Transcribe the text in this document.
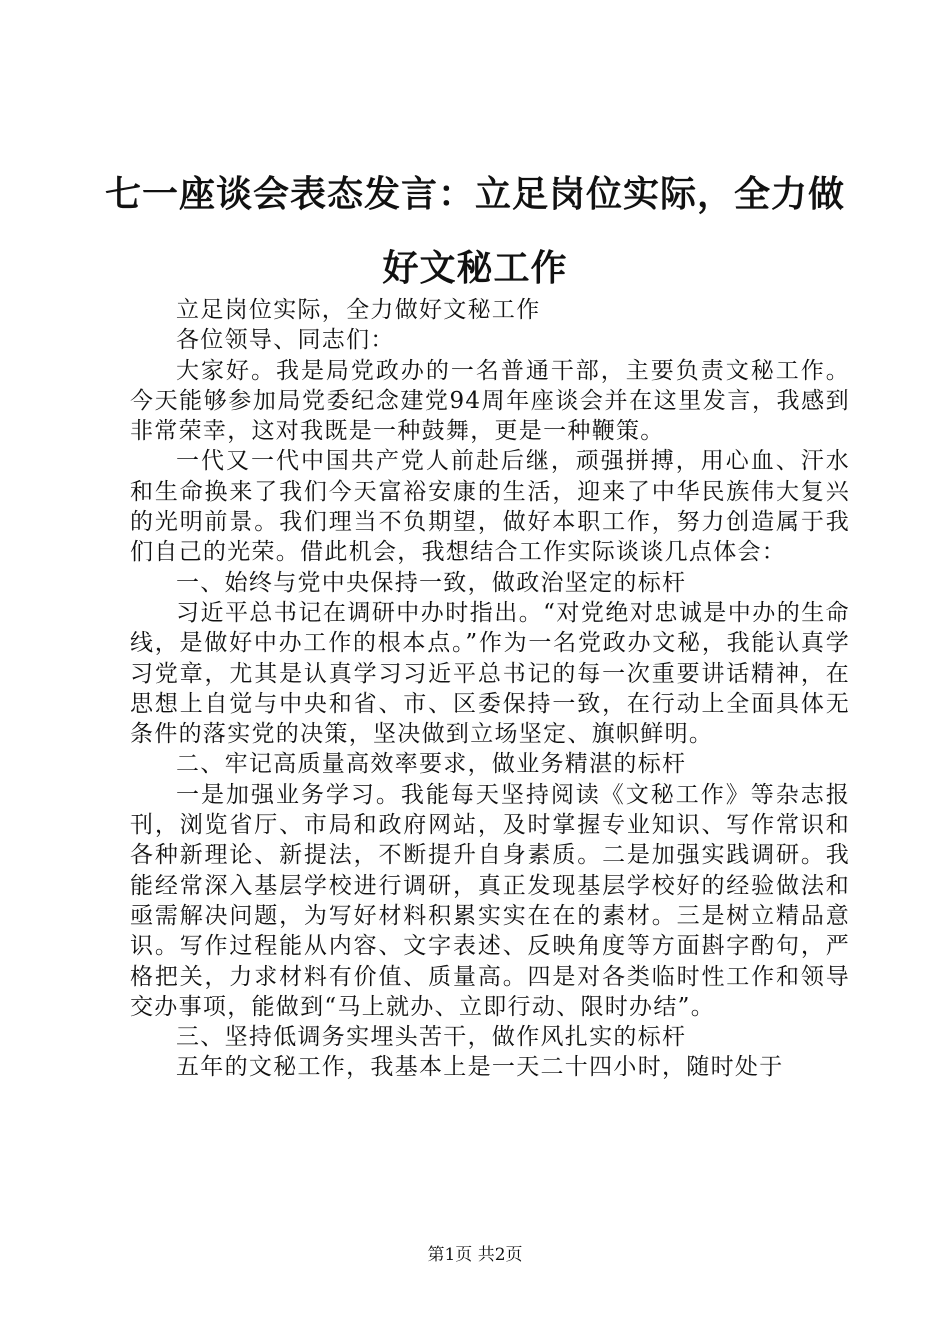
七一座谈会表态发言：立足岗位实际，全力做好文秘工作

立足岗位实际，全力做好文秘工作

各位领导、同志们：

大家好。我是局党政办的一名普通干部，主要负责文秘工作。今天能够参加局党委纪念建党94周年座谈会并在这里发言，我感到非常荣幸，这对我既是一种鼓舞，更是一种鞭策。

一代又一代中国共产党人前赴后继，顽强拼搏，用心血、汗水和生命换来了我们今天富裕安康的生活，迎来了中华民族伟大复兴的光明前景。我们理当不负期望，做好本职工作，努力创造属于我们自己的光荣。借此机会，我想结合工作实际谈谈几点体会：

一、始终与党中央保持一致，做政治坚定的标杆

习近平总书记在调研中办时指出。“对党绝对忠诚是中办的生命线，是做好中办工作的根本点。”作为一名党政办文秘，我能认真学习党章，尤其是认真学习习近平总书记的每一次重要讲话精神，在思想上自觉与中央和省、市、区委保持一致，在行动上全面具体无条件的落实党的决策，坚决做到立场坚定、旗帜鲜明。

二、牢记高质量高效率要求，做业务精湛的标杆

一是加强业务学习。我能每天坚持阅读《文秘工作》等杂志报刊，浏览省厅、市局和政府网站，及时掌握专业知识、写作常识和各种新理论、新提法，不断提升自身素质。二是加强实践调研。我能经常深入基层学校进行调研，真正发现基层学校好的经验做法和亟需解决问题，为写好材料积累实实在在的素材。三是树立精品意识。写作过程能从内容、文字表述、反映角度等方面斟字酌句，严格把关，力求材料有价值、质量高。四是对各类临时性工作和领导交办事项，能做到“马上就办、立即行动、限时办结”。

三、坚持低调务实埋头苦干，做作风扎实的标杆

五年的文秘工作，我基本上是一天二十四小时，随时处于

第1页 共2页
